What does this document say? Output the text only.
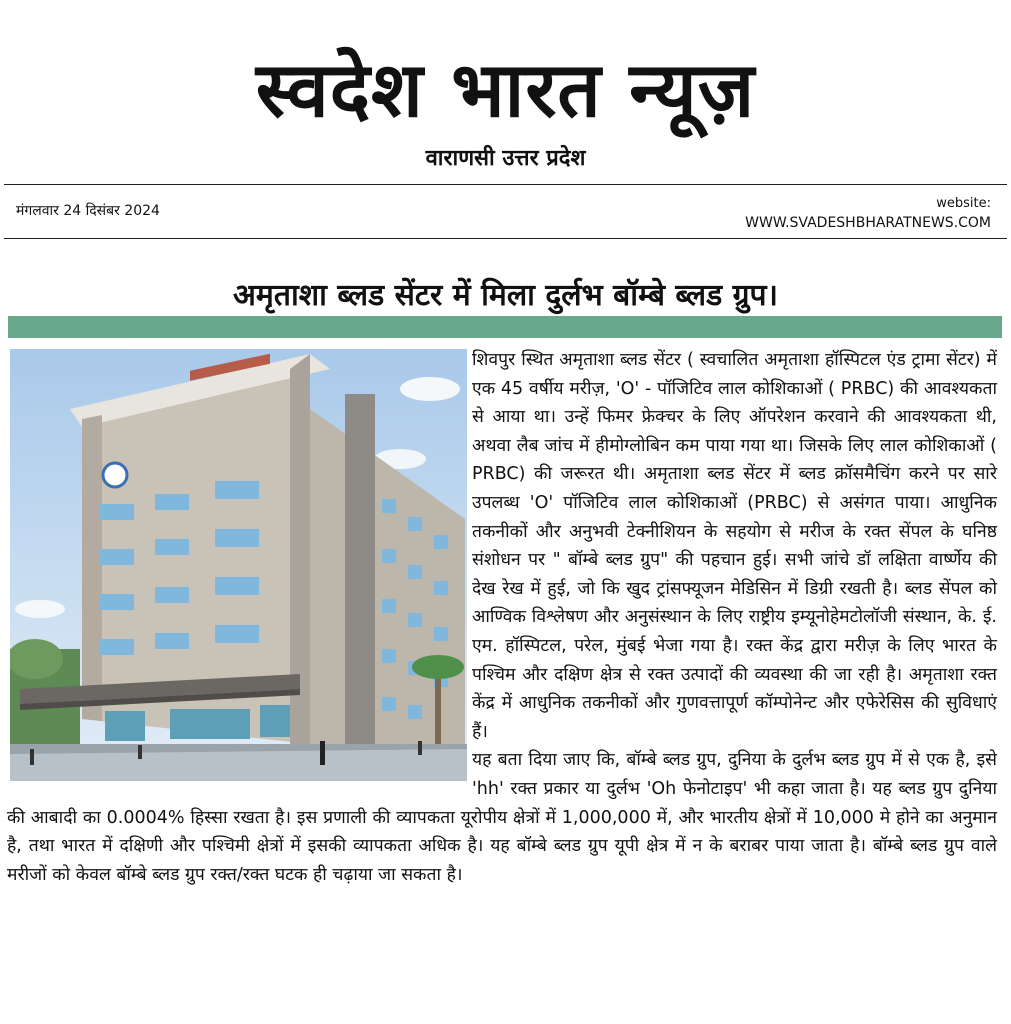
स्वदेश भारत न्यूज़
वाराणसी उत्तर प्रदेश
मंगलवार 24 दिसंबर 2024	website:
WWW.SVADESHBHARATNEWS.COM
अमृताशा ब्लड सेंटर में मिला दुर्लभ बॉम्बे ब्लड ग्रुप।

शिवपुर स्थित अमृताशा ब्लड सेंटर ( स्वचालित अमृताशा हॉस्पिटल एंड ट्रामा सेंटर) में एक 45 वर्षीय मरीज़, 'O' - पॉजिटिव लाल कोशिकाओं ( PRBC) की आवश्यकता से आया था। उन्हें फिमर फ्रेक्चर के लिए ऑपरेशन करवाने की आवश्यकता थी, अथवा लैब जांच में हीमोग्लोबिन कम पाया गया था। जिसके लिए लाल कोशिकाओं ( PRBC) की जरूरत थी। अमृताशा ब्लड सेंटर में ब्लड क्रॉसमैचिंग करने पर सारे उपलब्ध 'O' पॉजिटिव लाल कोशिकाओं (PRBC) से असंगत पाया। आधुनिक तकनीकों और अनुभवी टेक्नीशियन के सहयोग से मरीज के रक्त सेंपल के घनिष्ठ संशोधन पर " बॉम्बे ब्लड ग्रुप" की पहचान हुई। सभी जांचे डॉ लक्षिता वार्ष्णेय की देख रेख में हुई, जो कि खुद ट्रांसफ्यूजन मेडिसिन में डिग्री रखती है। ब्लड सेंपल को आण्विक विश्लेषण और अनुसंस्थान के लिए राष्ट्रीय इम्यूनोहेमटोलॉजी संस्थान, के. ई. एम. हॉस्पिटल, परेल, मुंबई भेजा गया है। रक्त केंद्र द्वारा मरीज़ के लिए भारत के पश्चिम और दक्षिण क्षेत्र से रक्त उत्पादों की व्यवस्था की जा रही है। अमृताशा रक्त केंद्र में आधुनिक तकनीकों और गुणवत्तापूर्ण कॉम्पोनेन्ट और एफेरेसिस की सुविधाएं हैं।

यह बता दिया जाए कि, बॉम्बे ब्लड ग्रुप, दुनिया के दुर्लभ ब्लड ग्रुप में से एक है, इसे 'hh' रक्त प्रकार या दुर्लभ 'Oh फेनोटाइप' भी कहा जाता है। यह ब्लड ग्रुप दुनिया की आबादी का 0.0004% हिस्सा रखता है। इस प्रणाली की व्यापकता यूरोपीय क्षेत्रों में 1,000,000 में, और भारतीय क्षेत्रों में 10,000 मे होने का अनुमान है, तथा भारत में दक्षिणी और पश्चिमी क्षेत्रों में इसकी व्यापकता अधिक है। यह बॉम्बे ब्लड ग्रुप यूपी क्षेत्र में न के बराबर पाया जाता है। बॉम्बे ब्लड ग्रुप वाले मरीजों को केवल बॉम्बे ब्लड ग्रुप रक्त/रक्त घटक ही चढ़ाया जा सकता है।
